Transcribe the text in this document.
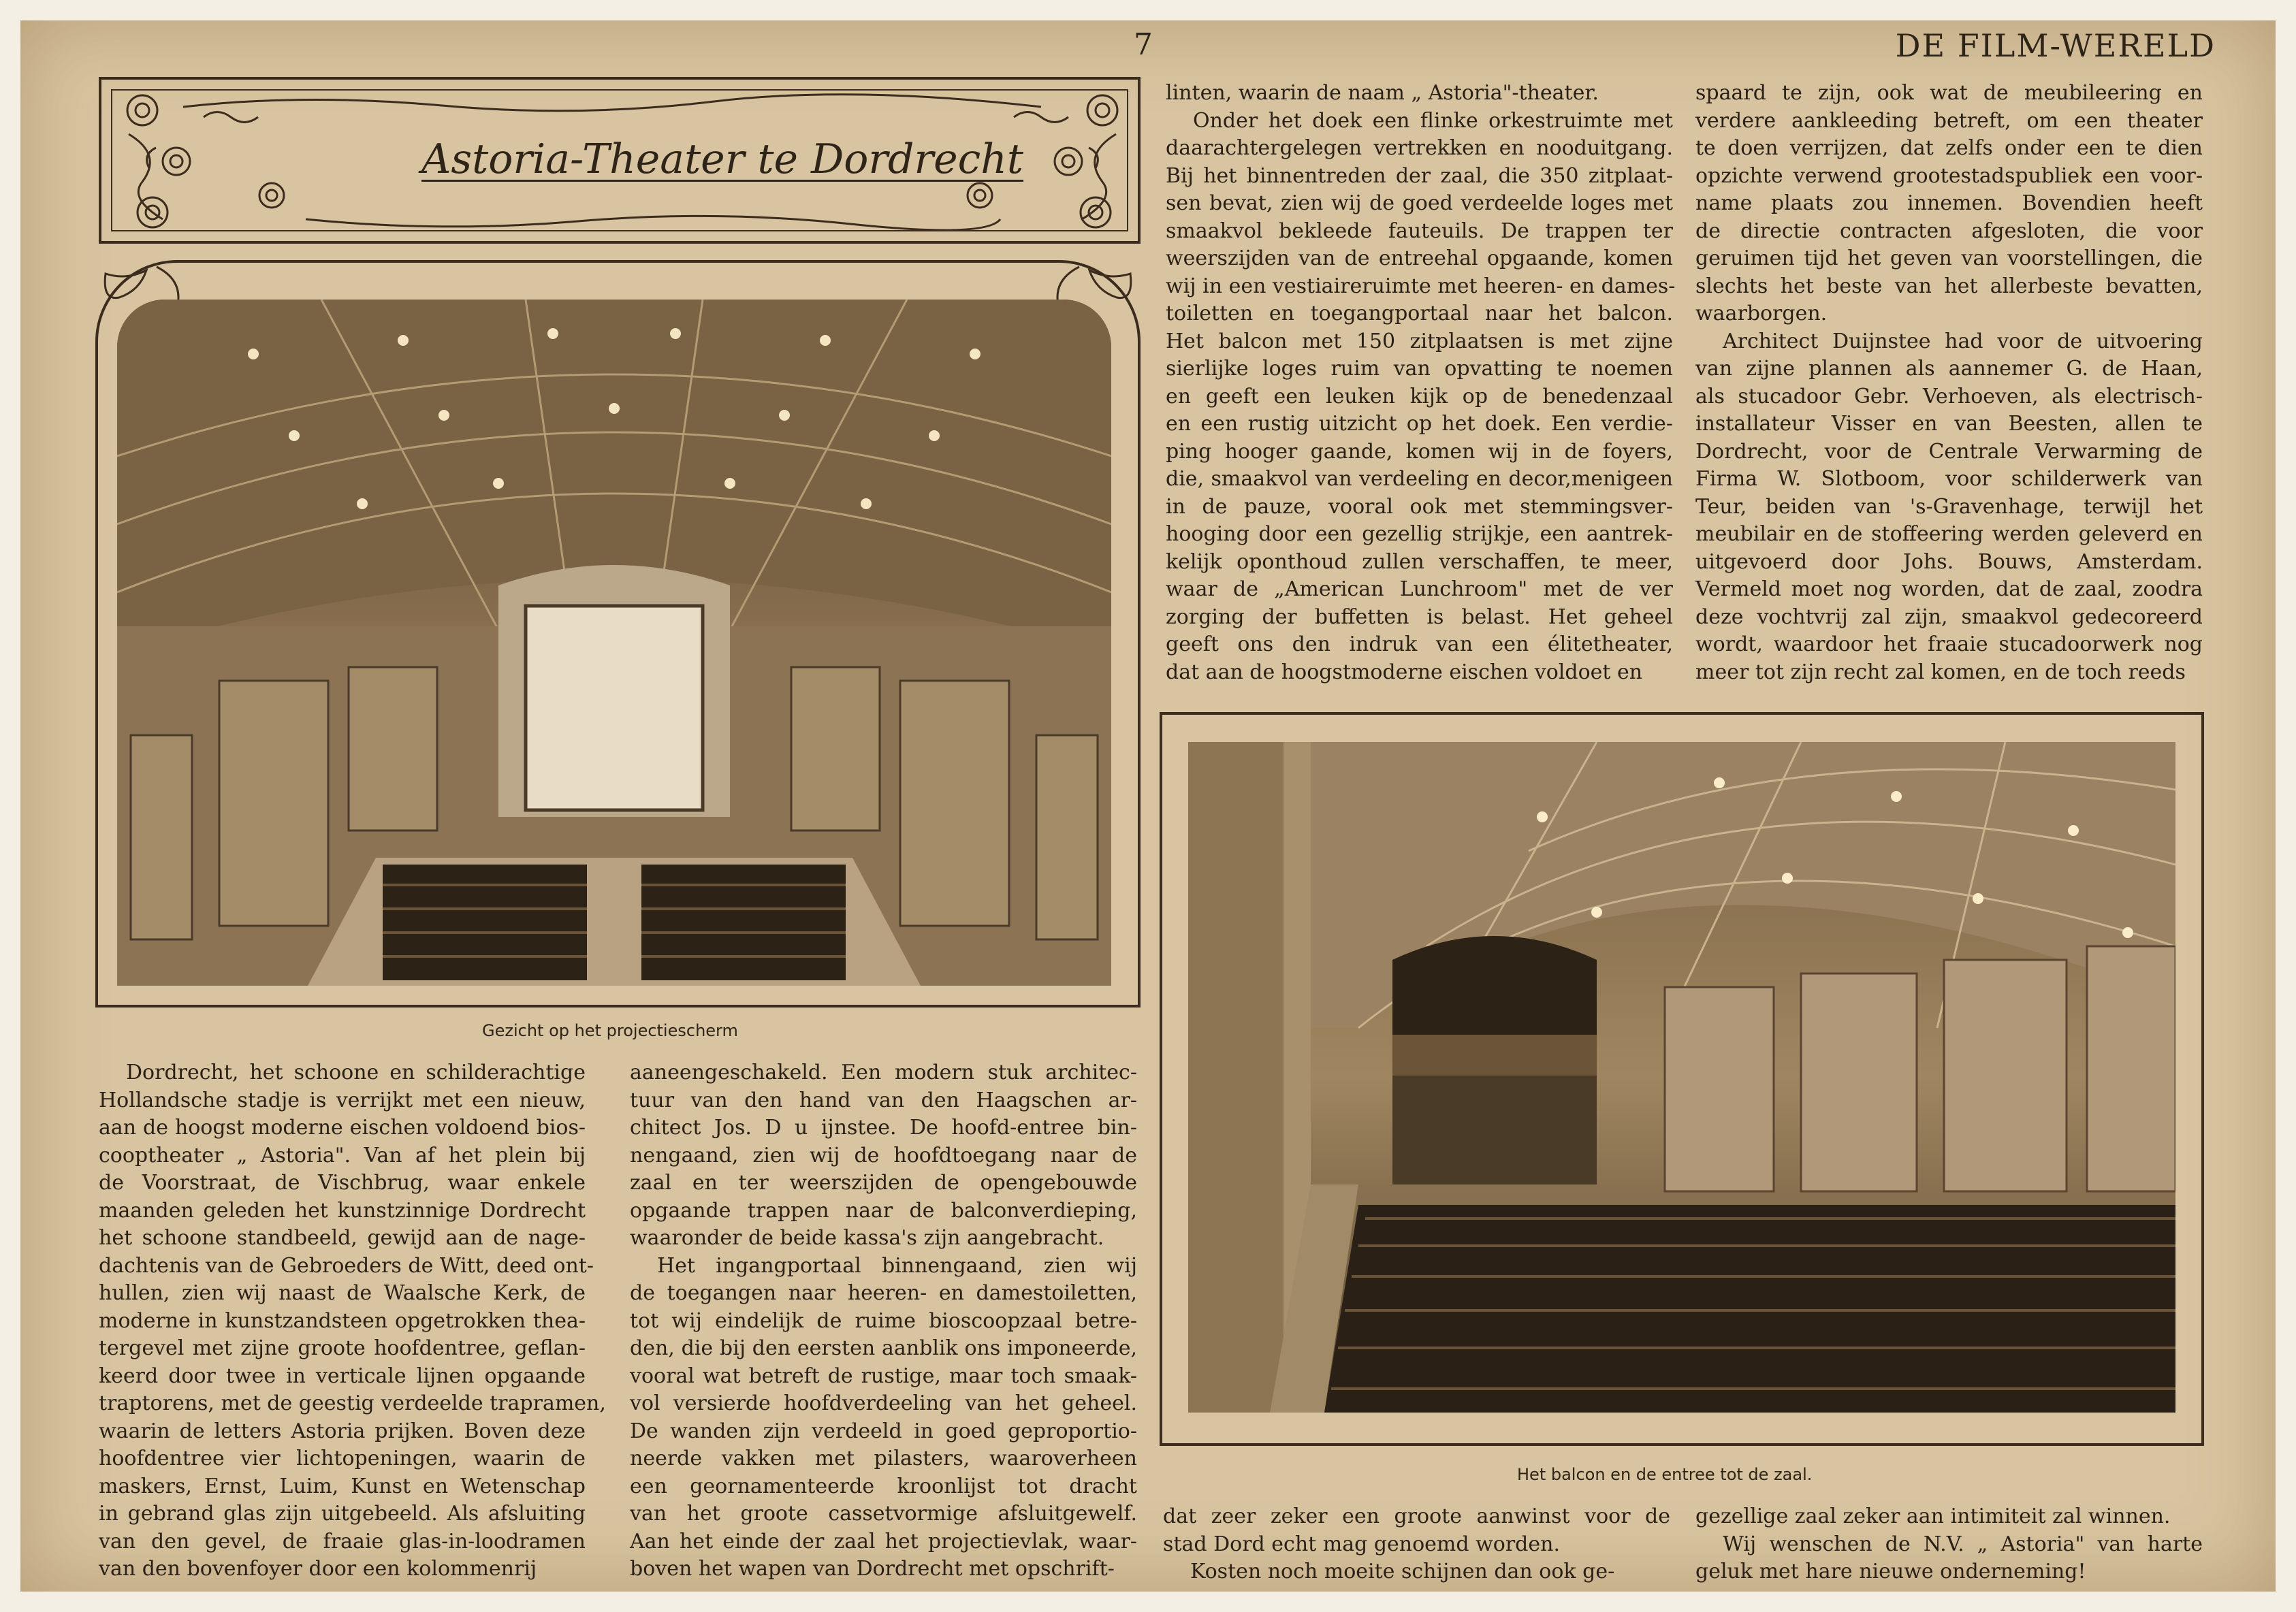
7	DE FILM-WERELD
Astoria-Theater te Dordrecht
Gezicht op het projectiescherm
Het balcon en de entree tot de zaal.

Dordrecht, het schoone en schilderachtige
Hollandsche stadje is verrijkt met een nieuw,
aan de hoogst moderne eischen voldoend bios-
cooptheater „ Astoria". Van af het plein bij
de Voorstraat, de Vischbrug, waar enkele
maanden geleden het kunstzinnige Dordrecht
het schoone standbeeld, gewijd aan de nage-
dachtenis van de Gebroeders de Witt, deed ont-
hullen, zien wij naast de Waalsche Kerk, de
moderne in kunstzandsteen opgetrokken thea-
tergevel met zijne groote hoofdentree, geflan-
keerd door twee in verticale lijnen opgaande
traptorens, met de geestig verdeelde trapramen,
waarin de letters Astoria prijken. Boven deze
hoofdentree vier lichtopeningen, waarin de
maskers, Ernst, Luim, Kunst en Wetenschap
in gebrand glas zijn uitgebeeld. Als afsluiting
van den gevel, de fraaie glas-in-loodramen
van den bovenfoyer door een kolommenrij

aaneengeschakeld. Een modern stuk architec-
tuur van den hand van den Haagschen ar-
chitect Jos. D u ijnstee. De hoofd-entree bin-
nengaand, zien wij de hoofdtoegang naar de
zaal en ter weerszijden de opengebouwde
opgaande trappen naar de balconverdieping,
waaronder de beide kassa's zijn aangebracht.
Het ingangportaal binnengaand, zien wij
de toegangen naar heeren- en damestoiletten,
tot wij eindelijk de ruime bioscoopzaal betre-
den, die bij den eersten aanblik ons imponeerde,
vooral wat betreft de rustige, maar toch smaak-
vol versierde hoofdverdeeling van het geheel.
De wanden zijn verdeeld in goed geproportio-
neerde vakken met pilasters, waaroverheen
een geornamenteerde kroonlijst tot dracht
van het groote cassetvormige afsluitgewelf.
Aan het einde der zaal het projectievlak, waar-
boven het wapen van Dordrecht met opschrift-

linten, waarin de naam „ Astoria"-theater.
Onder het doek een flinke orkestruimte met
daarachtergelegen vertrekken en nooduitgang.
Bij het binnentreden der zaal, die 350 zitplaat-
sen bevat, zien wij de goed verdeelde loges met
smaakvol bekleede fauteuils. De trappen ter
weerszijden van de entreehal opgaande, komen
wij in een vestiaireruimte met heeren- en dames-
toiletten en toegangportaal naar het balcon.
Het balcon met 150 zitplaatsen is met zijne
sierlijke loges ruim van opvatting te noemen
en geeft een leuken kijk op de benedenzaal
en een rustig uitzicht op het doek. Een verdie-
ping hooger gaande, komen wij in de foyers,
die, smaakvol van verdeeling en decor,menigeen
in de pauze, vooral ook met stemmingsver-
hooging door een gezellig strijkje, een aantrek-
kelijk oponthoud zullen verschaffen, te meer,
waar de „American Lunchroom" met de ver
zorging der buffetten is belast. Het geheel
geeft ons den indruk van een élitetheater,
dat aan de hoogstmoderne eischen voldoet en

spaard te zijn, ook wat de meubileering en
verdere aankleeding betreft, om een theater
te doen verrijzen, dat zelfs onder een te dien
opzichte verwend grootestadspubliek een voor-
name plaats zou innemen. Bovendien heeft
de directie contracten afgesloten, die voor
geruimen tijd het geven van voorstellingen, die
slechts het beste van het allerbeste bevatten,
waarborgen.
Architect Duijnstee had voor de uitvoering
van zijne plannen als aannemer G. de Haan,
als stucadoor Gebr. Verhoeven, als electrisch-
installateur Visser en van Beesten, allen te
Dordrecht, voor de Centrale Verwarming de
Firma W. Slotboom, voor schilderwerk van
Teur, beiden van 's-Gravenhage, terwijl het
meubilair en de stoffeering werden geleverd en
uitgevoerd door Johs. Bouws, Amsterdam.
Vermeld moet nog worden, dat de zaal, zoodra
deze vochtvrij zal zijn, smaakvol gedecoreerd
wordt, waardoor het fraaie stucadoorwerk nog
meer tot zijn recht zal komen, en de toch reeds

dat zeer zeker een groote aanwinst voor de
stad Dord echt mag genoemd worden.
Kosten noch moeite schijnen dan ook ge-

gezellige zaal zeker aan intimiteit zal winnen.
Wij wenschen de N.V. „ Astoria" van harte
geluk met hare nieuwe onderneming!
